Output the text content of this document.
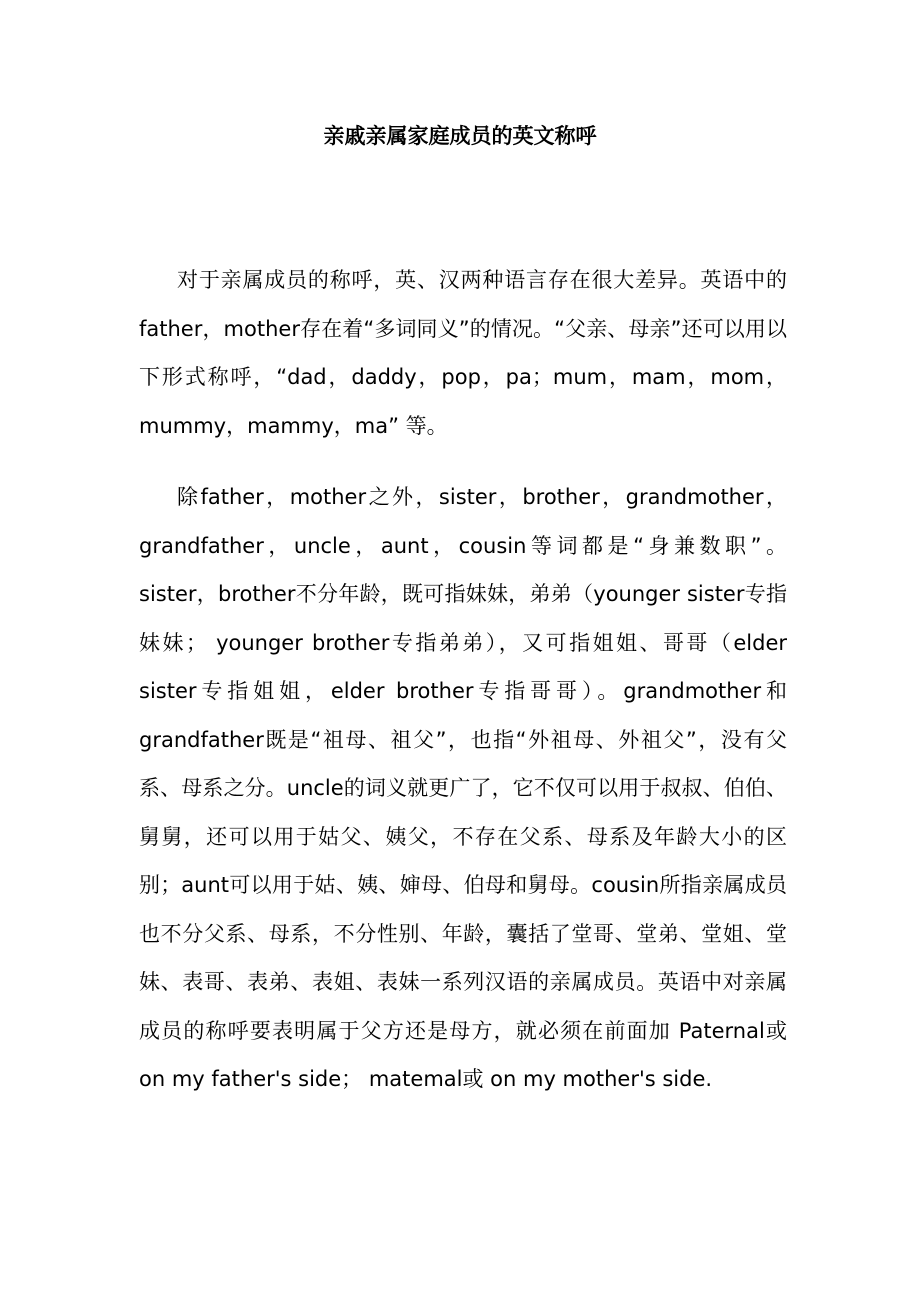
亲戚亲属家庭成员的英文称呼

对于亲属成员的称呼，英、汉两种语言存在很大差异。英语中的father，mother存在着“多词同义”的情况。“父亲、母亲”还可以用以下形式称呼，“dad，daddy，pop，pa；mum，mam，mom，mummy，mammy，ma” 等。

除father，mother之外，sister，brother，grandmother，grandfather，uncle，aunt，cousin等词都是“身兼数职”。sister，brother不分年龄，既可指妹妹，弟弟（younger sister专指妹妹； younger brother专指弟弟），又可指姐姐、哥哥（elder sister专指姐姐，elder brother专指哥哥）。grandmother和grandfather既是“祖母、祖父”，也指“外祖母、外祖父”，没有父系、母系之分。uncle的词义就更广了，它不仅可以用于叔叔、伯伯、舅舅，还可以用于姑父、姨父，不存在父系、母系及年龄大小的区别；aunt可以用于姑、姨、婶母、伯母和舅母。cousin所指亲属成员也不分父系、母系，不分性别、年龄，囊括了堂哥、堂弟、堂姐、堂妹、表哥、表弟、表姐、表妹一系列汉语的亲属成员。英语中对亲属成员的称呼要表明属于父方还是母方，就必须在前面加 Paternal或 on my father's side； matemal或 on my mother's side.
